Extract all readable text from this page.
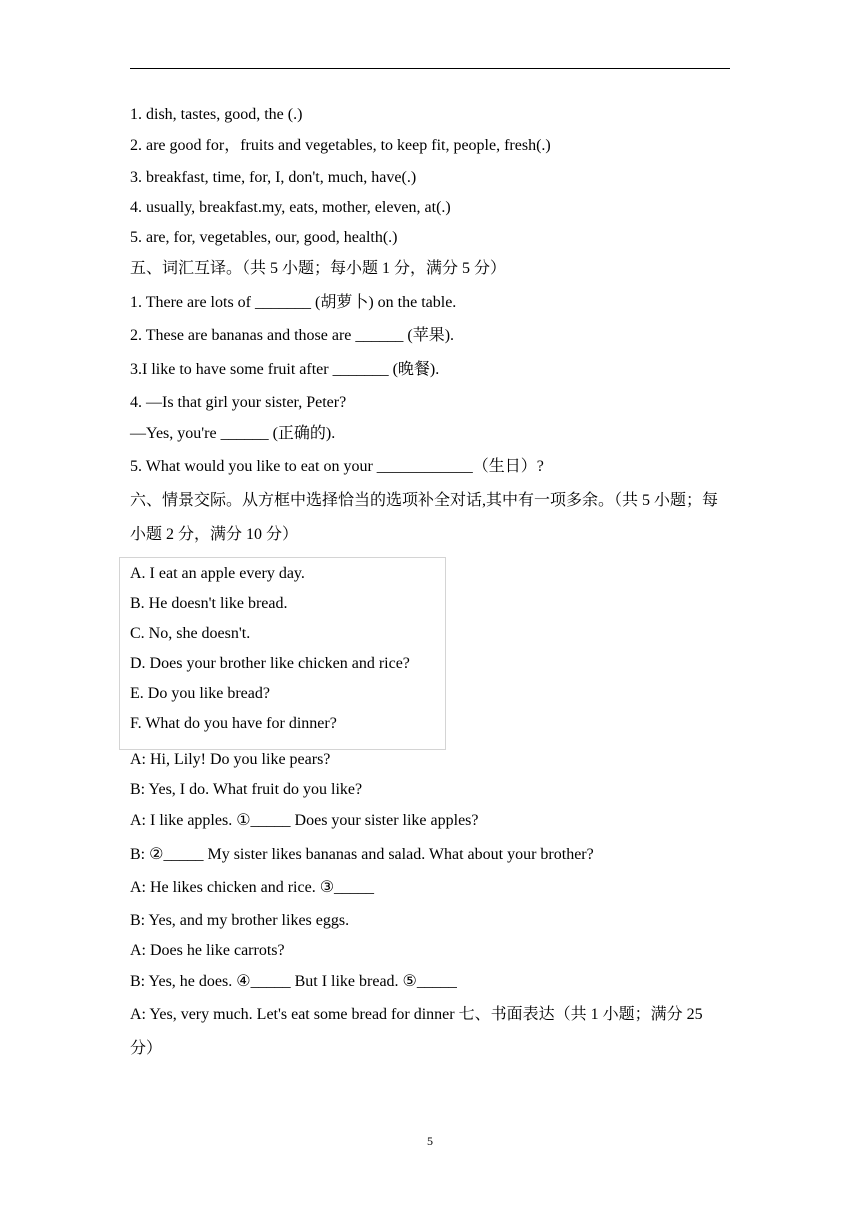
1. dish, tastes, good, the (.)
2. are good for，fruits and vegetables, to keep fit, people, fresh(.)
3. breakfast, time, for, I, don't, much, have(.)
4. usually, breakfast.my, eats, mother, eleven, at(.)
5. are, for, vegetables, our, good, health(.)
五、词汇互译。（共 5 小题；每小题 1 分，满分 5 分）
1. There are lots of _______ (胡萝卜) on the table.
2. These are bananas and those are ______ (苹果).
3.I like to have some fruit after _______ (晚餐).
4. —Is that girl your sister, Peter?
—Yes, you're ______ (正确的).
5. What would you like to eat on your ____________（生日）?
六、情景交际。从方框中选择恰当的选项补全对话,其中有一项多余。（共 5 小题；每小题 2 分，满分 10 分）
A. I eat an apple every day.
B. He doesn't like bread.
C. No, she doesn't.
D. Does your brother like chicken and rice?
E. Do you like bread?
F. What do you have for dinner?
A: Hi, Lily! Do you like pears?
B: Yes, I do. What fruit do you like?
A: I like apples. ①_____ Does your sister like apples?
B: ②_____ My sister likes bananas and salad. What about your brother?
A: He likes chicken and rice. ③_____
B: Yes, and my brother likes eggs.
A: Does he like carrots?
B: Yes, he does. ④_____ But I like bread. ⑤_____
A: Yes, very much. Let's eat some bread for dinner 七、书面表达（共 1 小题；满分 25 分）
5
